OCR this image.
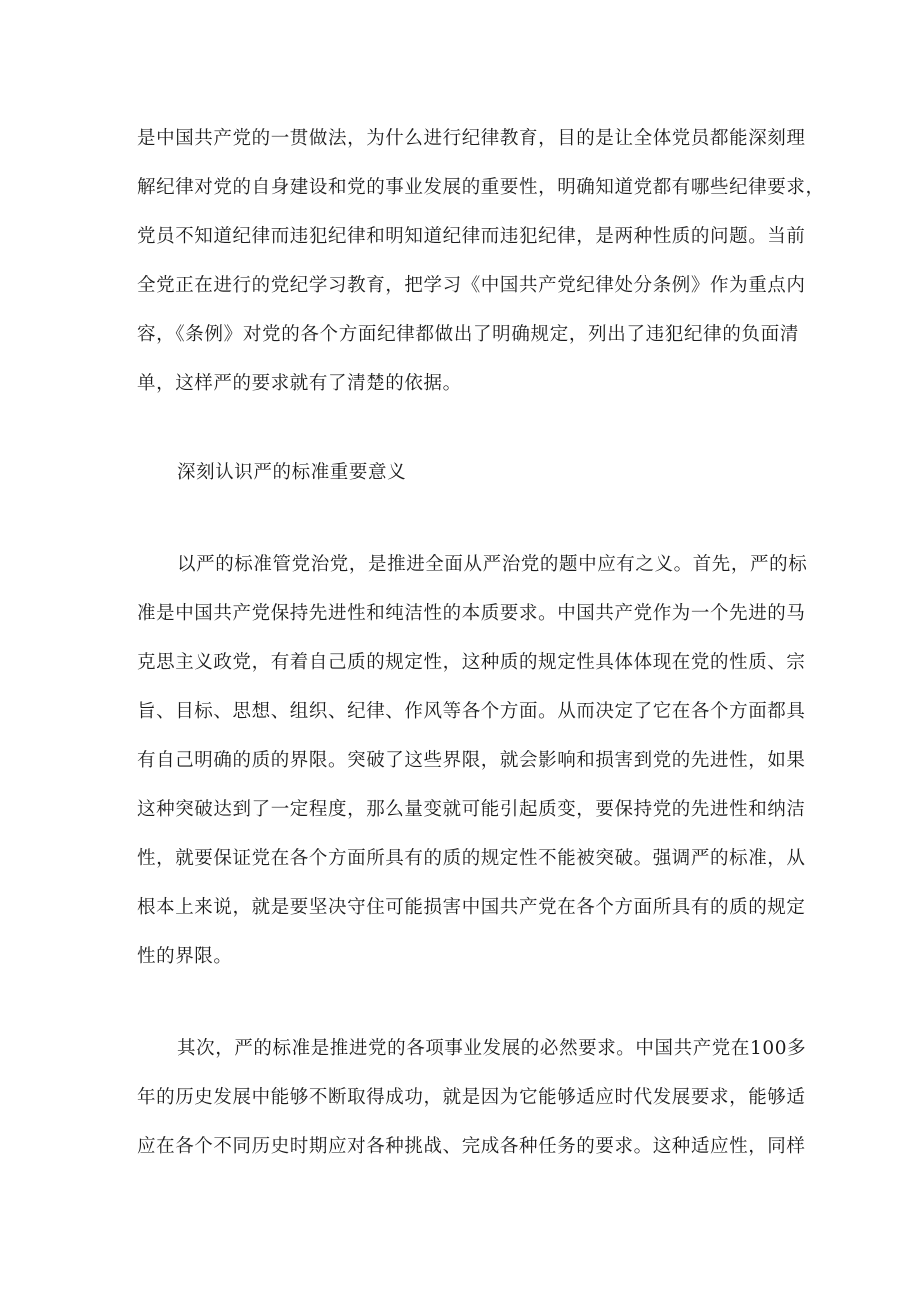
是中国共产党的一贯做法，为什么进行纪律教育，目的是让全体党员都能深刻理
解纪律对党的自身建设和党的事业发展的重要性，明确知道党都有哪些纪律要求，
党员不知道纪律而违犯纪律和明知道纪律而违犯纪律，是两种性质的问题。当前
全党正在进行的党纪学习教育，把学习《中国共产党纪律处分条例》作为重点内
容，《条例》对党的各个方面纪律都做出了明确规定，列出了违犯纪律的负面清
单，这样严的要求就有了清楚的依据。
深刻认识严的标准重要意义
以严的标准管党治党，是推进全面从严治党的题中应有之义。首先，严的标
准是中国共产党保持先进性和纯洁性的本质要求。中国共产党作为一个先进的马
克思主义政党，有着自己质的规定性，这种质的规定性具体体现在党的性质、宗
旨、目标、思想、组织、纪律、作风等各个方面。从而决定了它在各个方面都具
有自己明确的质的界限。突破了这些界限，就会影响和损害到党的先进性，如果
这种突破达到了一定程度，那么量变就可能引起质变，要保持党的先进性和纳洁
性，就要保证党在各个方面所具有的质的规定性不能被突破。强调严的标准，从
根本上来说，就是要坚决守住可能损害中国共产党在各个方面所具有的质的规定
性的界限。
其次，严的标准是推进党的各项事业发展的必然要求。中国共产党在100多
年的历史发展中能够不断取得成功，就是因为它能够适应时代发展要求，能够适
应在各个不同历史时期应对各种挑战、完成各种任务的要求。这种适应性，同样
